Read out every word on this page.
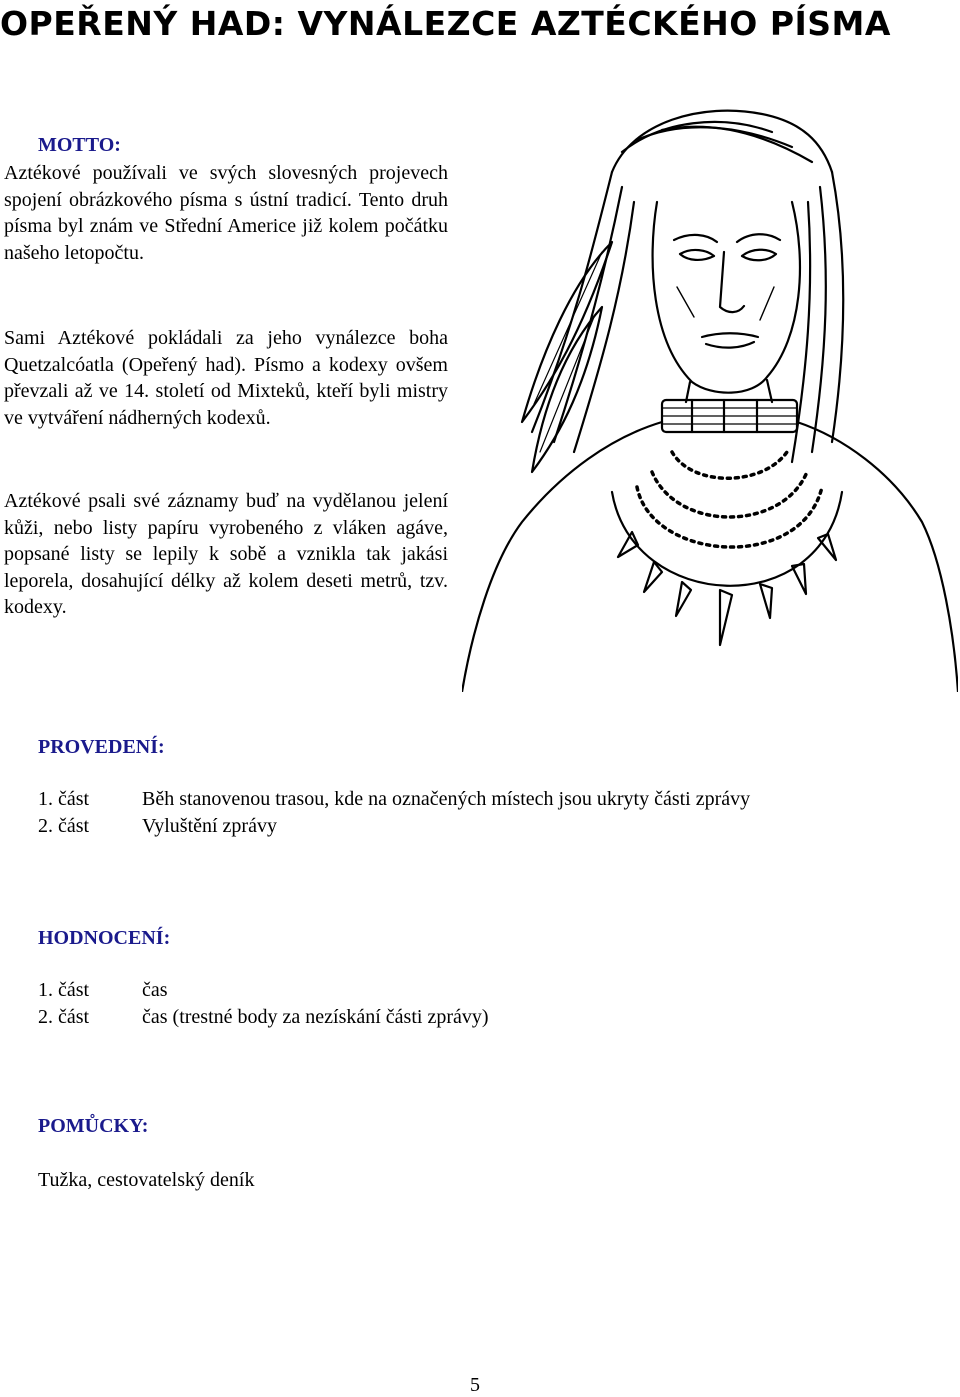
OPEŘENÝ HAD: VYNÁLEZCE AZTÉCKÉHO PÍSMA
MOTTO:
Aztékové používali ve svých slovesných projevech spojení obrázkového písma s ústní tradicí. Tento druh písma byl znám ve Střední Americe již kolem počátku našeho letopočtu.
Sami Aztékové pokládali za jeho vynálezce boha Quetzalcóatla (Opeřený had). Písmo a kodexy ovšem převzali až ve 14. století od Mixteků, kteří byli mistry ve vytváření nádherných kodexů.
Aztékové psali své záznamy buď na vydělanou jelení kůži, nebo listy papíru vyrobeného z vláken agáve, popsané listy se lepily k sobě a vznikla tak jakási leporela, dosahující délky až kolem deseti metrů, tzv. kodexy.
PROVEDENÍ:
1. část	Běh stanovenou trasou, kde na označených místech jsou ukryty části zprávy
2. část	Vyluštění zprávy
HODNOCENÍ:
1. část	čas
2. část	čas (trestné body za nezískání části zprávy)
POMŮCKY:
Tužka, cestovatelský deník
5
